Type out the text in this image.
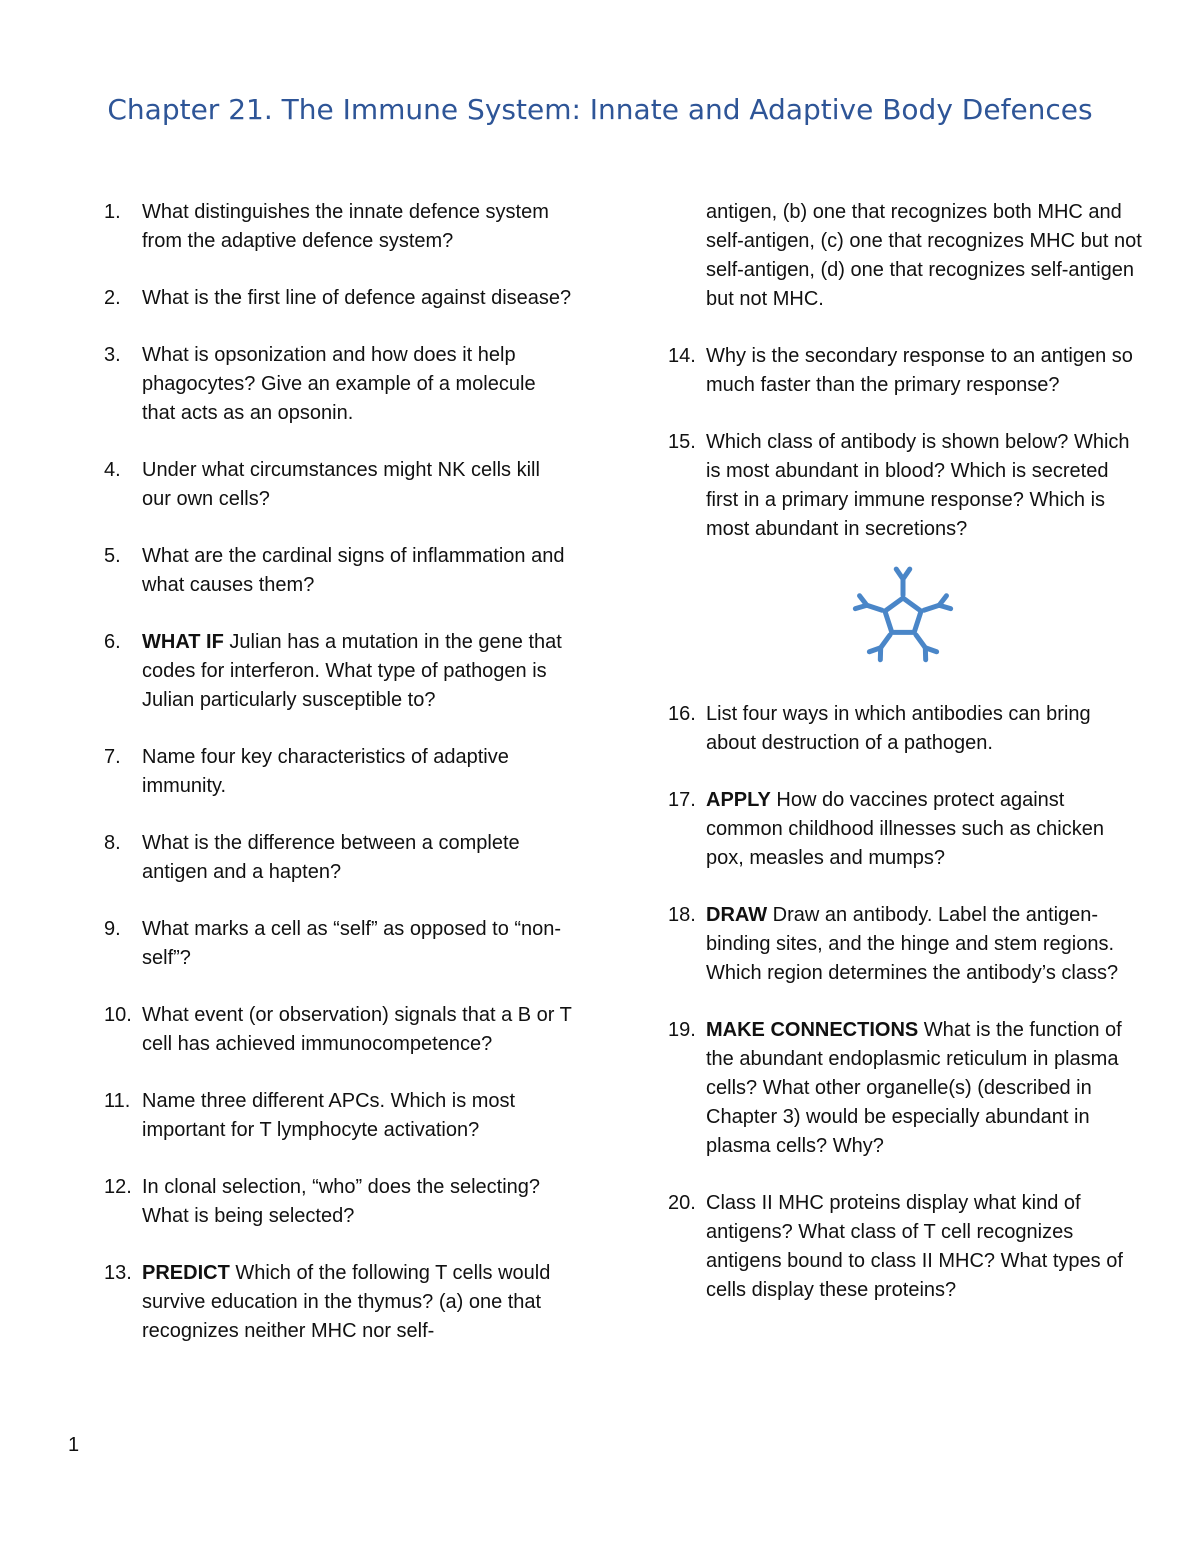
Chapter 21. The Immune System: Innate and Adaptive Body Defences
1. What distinguishes the innate defence system from the adaptive defence system?
2. What is the first line of defence against disease?
3. What is opsonization and how does it help phagocytes? Give an example of a molecule that acts as an opsonin.
4. Under what circumstances might NK cells kill our own cells?
5. What are the cardinal signs of inflammation and what causes them?
6. WHAT IF Julian has a mutation in the gene that codes for interferon. What type of pathogen is Julian particularly susceptible to?
7. Name four key characteristics of adaptive immunity.
8. What is the difference between a complete antigen and a hapten?
9. What marks a cell as “self” as opposed to “non-self”?
10. What event (or observation) signals that a B or T cell has achieved immunocompetence?
11. Name three different APCs. Which is most important for T lymphocyte activation?
12. In clonal selection, “who” does the selecting? What is being selected?
13. PREDICT Which of the following T cells would survive education in the thymus? (a) one that recognizes neither MHC nor self-
antigen, (b) one that recognizes both MHC and self-antigen, (c) one that recognizes MHC but not self-antigen, (d) one that recognizes self-antigen but not MHC.
14. Why is the secondary response to an antigen so much faster than the primary response?
15. Which class of antibody is shown below? Which is most abundant in blood? Which is secreted first in a primary immune response? Which is most abundant in secretions?
16. List four ways in which antibodies can bring about destruction of a pathogen.
17. APPLY How do vaccines protect against common childhood illnesses such as chicken pox, measles and mumps?
18. DRAW Draw an antibody. Label the antigen-binding sites, and the hinge and stem regions. Which region determines the antibody’s class?
19. MAKE CONNECTIONS What is the function of the abundant endoplasmic reticulum in plasma cells? What other organelle(s) (described in Chapter 3) would be especially abundant in plasma cells? Why?
20. Class II MHC proteins display what kind of antigens? What class of T cell recognizes antigens bound to class II MHC? What types of cells display these proteins?
1
